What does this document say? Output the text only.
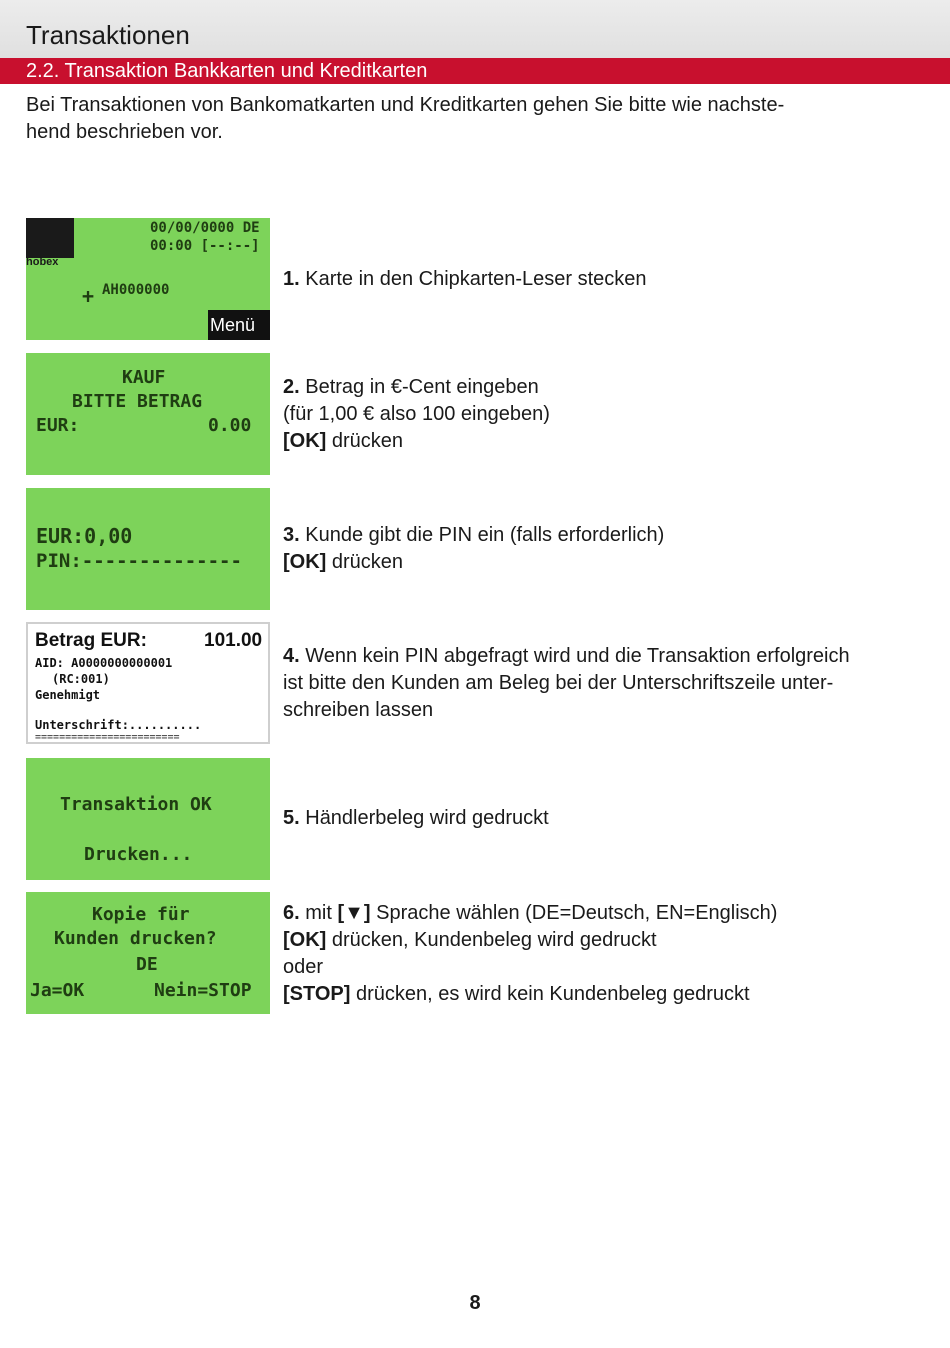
Transaktionen
2.2. Transaktion Bankkarten und Kreditkarten
Bei Transaktionen von Bankomatkarten und Kreditkarten gehen Sie bitte wie nachste-
hend beschrieben vor.
hobex
00/00/0000 DE
00:00 [--:--]
+ AH000000
Menü
KAUF
BITTE BETRAG
EUR:	0.00
EUR:0,00
PIN:--------------
Betrag EUR:	101.00
AID: A0000000000001
(RC:001)
Genehmigt
Unterschrift:..........
========================
Transaktion OK
Drucken...
Kopie für
Kunden drucken?
DE
Ja=OK	Nein=STOP
1. Karte in den Chipkarten-Leser stecken
2. Betrag in €-Cent eingeben
(für 1,00 € also 100 eingeben)
[OK] drücken
3. Kunde gibt die PIN ein (falls erforderlich)
[OK] drücken
4. Wenn kein PIN abgefragt wird und die Transaktion erfolgreich
ist bitte den Kunden am Beleg bei der Unterschriftszeile unter-
schreiben lassen
5. Händlerbeleg wird gedruckt
6. mit [▼] Sprache wählen (DE=Deutsch, EN=Englisch)
[OK] drücken, Kundenbeleg wird gedruckt
oder
[STOP] drücken, es wird kein Kundenbeleg gedruckt
8
